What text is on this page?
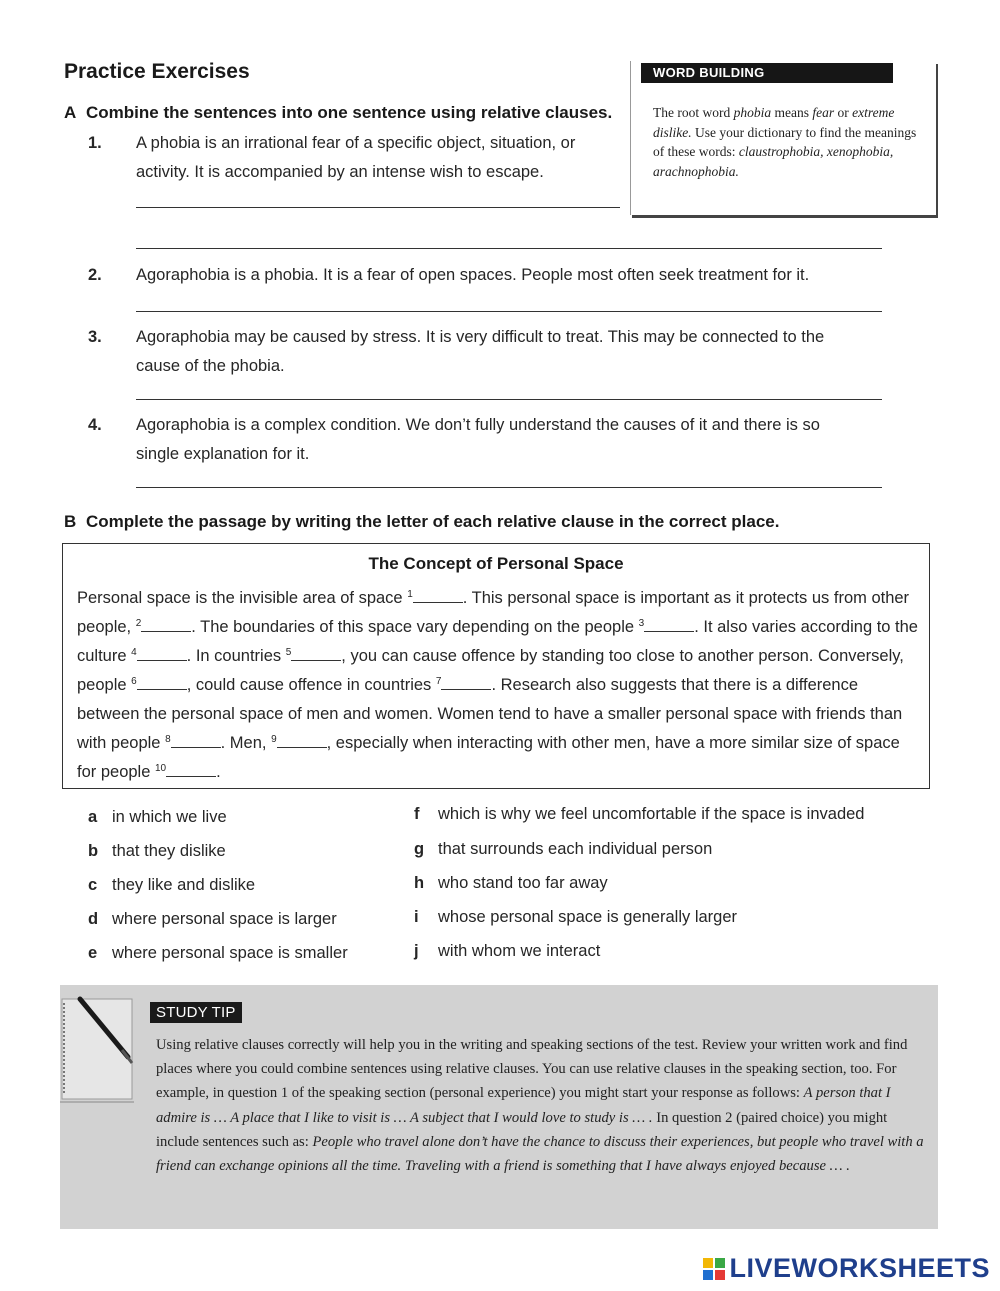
Practice Exercises
A Combine the sentences into one sentence using relative clauses.
1. A phobia is an irrational fear of a specific object, situation, or
activity. It is accompanied by an intense wish to escape.
2. Agoraphobia is a phobia. It is a fear of open spaces. People most often seek treatment for it.
3. Agoraphobia may be caused by stress. It is very difficult to treat. This may be connected to the
cause of the phobia.
4. Agoraphobia is a complex condition. We don’t fully understand the causes of it and there is so
single explanation for it.
WORD BUILDING
The root word phobia means fear or extreme dislike. Use your dictionary to find the meanings of these words: claustrophobia, xenophobia, arachnophobia.
B Complete the passage by writing the letter of each relative clause in the correct place.
The Concept of Personal Space
Personal space is the invisible area of space $^1$	. This personal space is important as it protects us from other people, $^2$	. The boundaries of this space vary depending on the people $^3$	. It also varies according to the culture $^4$	. In countries $^5$	, you can cause offence by standing too close to another person. Conversely, people $^6$	, could cause offence in countries $^7$	. Research also suggests that there is a difference between the personal space of men and women. Women tend to have a smaller personal space with friends than with people $^8$	. Men, $^9$	, especially when interacting with other men, have a more similar size of space for people $^{10}$	.
a in which we live
b that they dislike
c they like and dislike
d where personal space is larger
e where personal space is smaller
f which is why we feel uncomfortable if the space is invaded
g that surrounds each individual person
h who stand too far away
i whose personal space is generally larger
j with whom we interact
STUDY TIP
Using relative clauses correctly will help you in the writing and speaking sections of the test. Review your written work and find places where you could combine sentences using relative clauses. You can use relative clauses in the speaking section, too. For example, in question 1 of the speaking section (personal experience) you might start your response as follows: A person that I admire is … A place that I like to visit is … A subject that I would love to study is … . In question 2 (paired choice) you might include sentences such as: People who travel alone don’t have the chance to discuss their experiences, but people who travel with a friend can exchange opinions all the time. Traveling with a friend is something that I have always enjoyed because … .
LIVEWORKSHEETS
